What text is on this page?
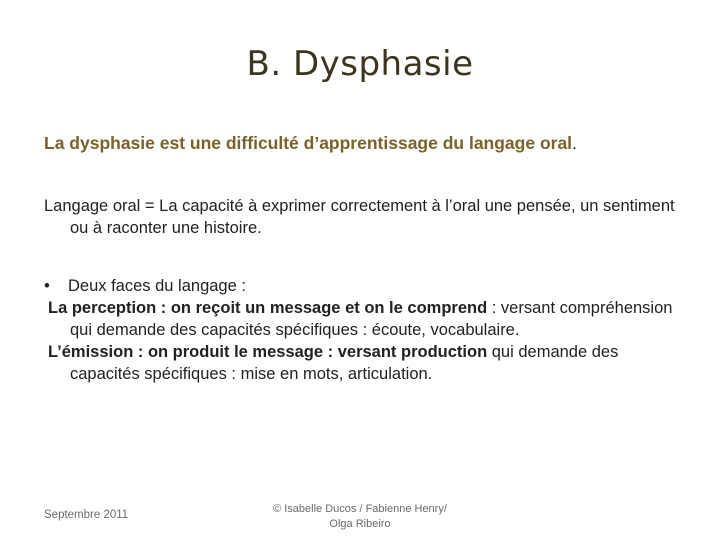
B. Dysphasie
La dysphasie est une difficulté d’apprentissage du langage oral.

Langage oral = La capacité à exprimer correctement à l’oral une pensée, un sentiment ou à raconter une histoire.

• Deux faces du langage :

La perception : on reçoit un message et on le comprend : versant compréhension qui demande des capacités spécifiques : écoute, vocabulaire.

L’émission : on produit le message : versant production qui demande des capacités spécifiques : mise en mots, articulation.

Septembre 2011	© Isabelle Ducos / Fabienne Henry/
Olga Ribeiro
